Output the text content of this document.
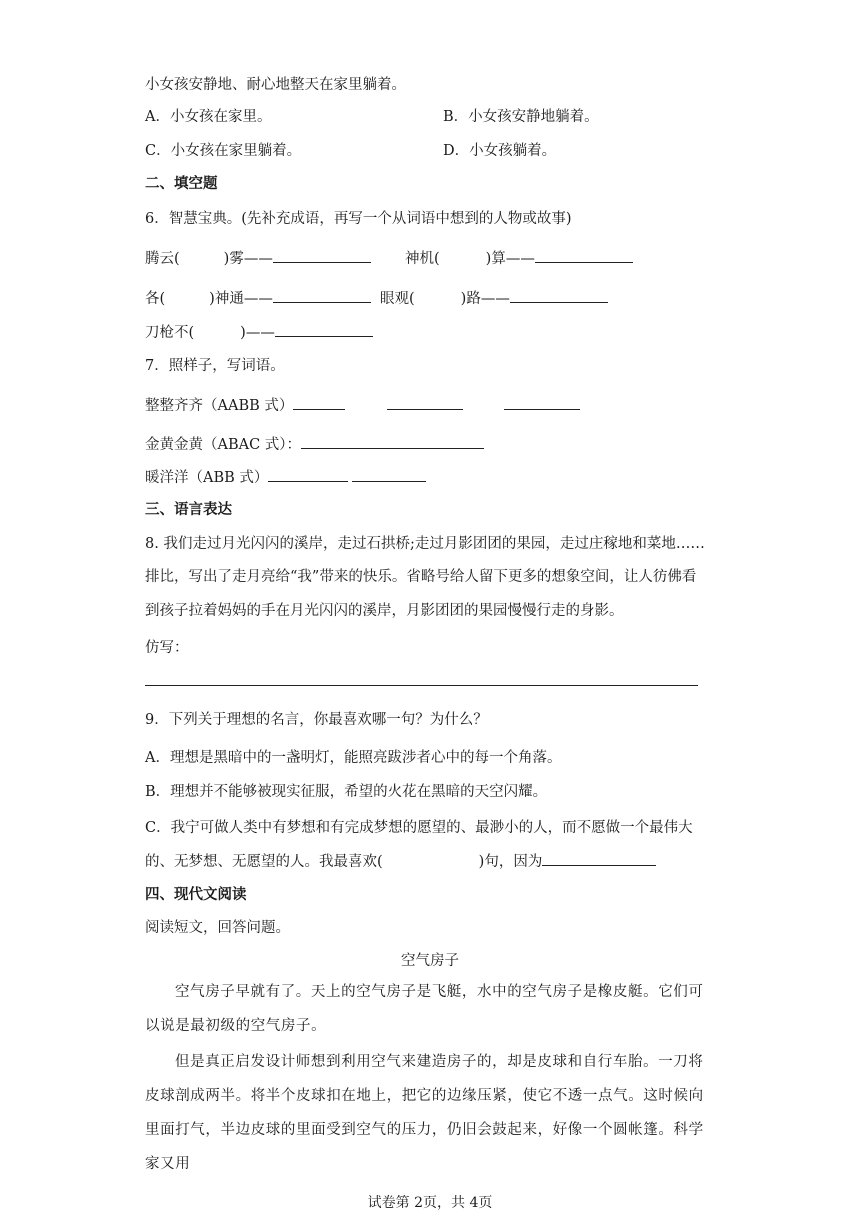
小女孩安静地、耐心地整天在家里躺着。
A．小女孩在家里。	B．小女孩安静地躺着。
C．小女孩在家里躺着。	D．小女孩躺着。
二、填空题
6．智慧宝典。(先补充成语，再写一个从词语中想到的人物或故事)
腾云(	)雾——	神机(	)算——
各(	)神通——	眼观(	)路——
刀枪不(	)——
7．照样子，写词语。
整整齐齐（AABB 式）
金黄金黄（ABAC 式）：
暖洋洋（ABB 式）
三、语言表达
8. 我们走过月光闪闪的溪岸，走过石拱桥;走过月影团团的果园，走过庄稼地和菜地……
排比，写出了走月亮给“我”带来的快乐。省略号给人留下更多的想象空间，让人彷佛看
到孩子拉着妈妈的手在月光闪闪的溪岸，月影团团的果园慢慢行走的身影。
仿写：
9．下列关于理想的名言，你最喜欢哪一句？为什么？
A．理想是黑暗中的一盏明灯，能照亮跋涉者心中的每一个角落。
B．理想并不能够被现实征服，希望的火花在黑暗的天空闪耀。
C．我宁可做人类中有梦想和有完成梦想的愿望的、最渺小的人，而不愿做一个最伟大
的、无梦想、无愿望的人。我最喜欢(	)句，因为
四、现代文阅读
阅读短文，回答问题。
空气房子
空气房子早就有了。天上的空气房子是飞艇，水中的空气房子是橡皮艇。它们可以说是最初级的空气房子。
但是真正启发设计师想到利用空气来建造房子的，却是皮球和自行车胎。一刀将皮球剖成两半。将半个皮球扣在地上，把它的边缘压紧，使它不透一点气。这时候向里面打气，半边皮球的里面受到空气的压力，仍旧会鼓起来，好像一个圆帐篷。科学家又用
试卷第 2页，共 4页
